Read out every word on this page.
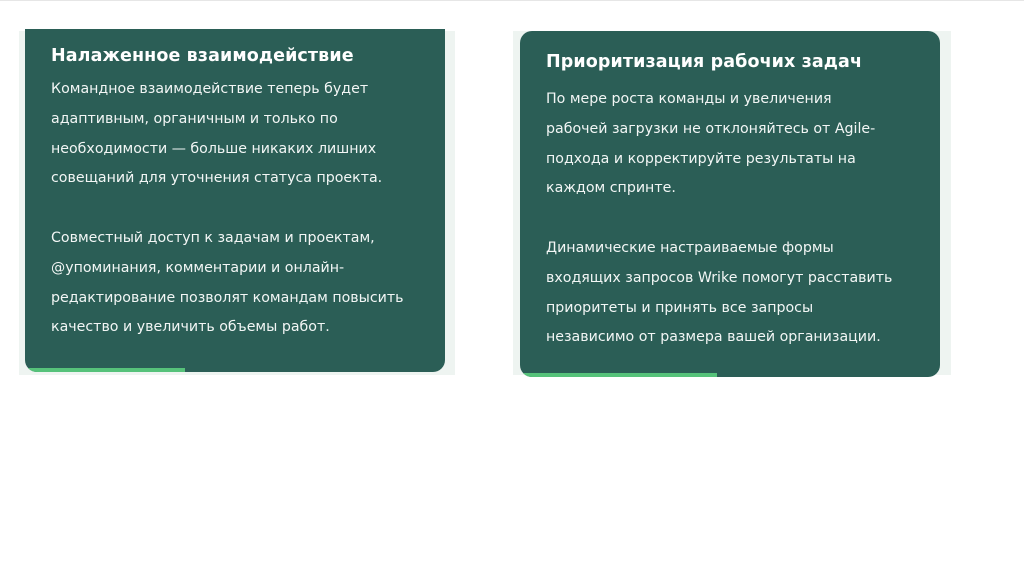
Налаженное взаимодействие

Командное взаимодействие теперь будет
адаптивным, органичным и только по
необходимости — больше никаких лишних
совещаний для уточнения статуса проекта.

Совместный доступ к задачам и проектам,
@упоминания, комментарии и онлайн-
редактирование позволят командам повысить
качество и увеличить объемы работ.

Приоритизация рабочих задач

По мере роста команды и увеличения
рабочей загрузки не отклоняйтесь от Agile-
подхода и корректируйте результаты на
каждом спринте.

Динамические настраиваемые формы
входящих запросов Wrike помогут расставить
приоритеты и принять все запросы
независимо от размера вашей организации.
